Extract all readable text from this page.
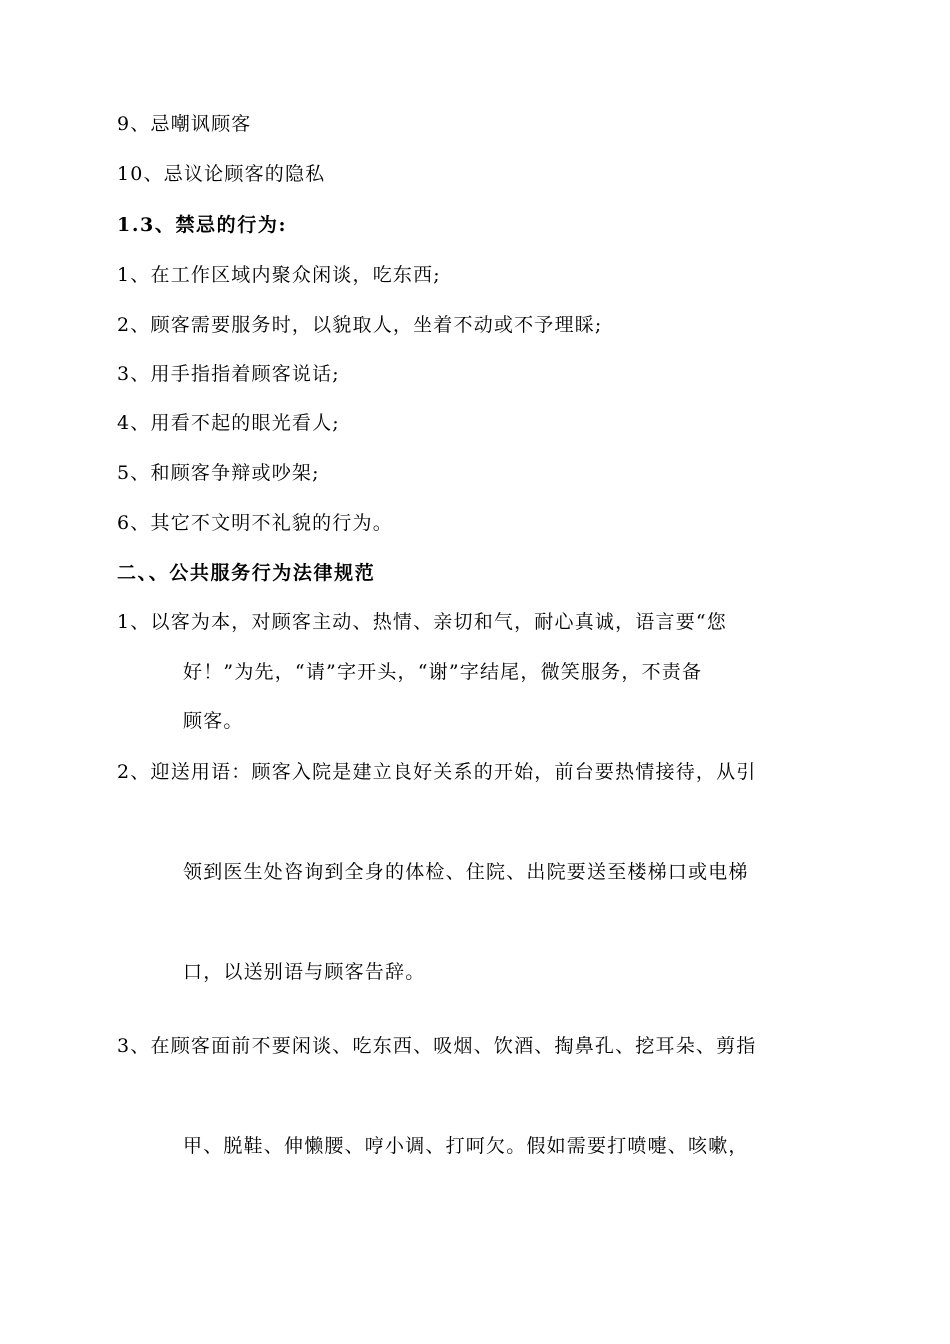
9、忌嘲讽顾客
10、忌议论顾客的隐私
1.3、禁忌的行为:
1、在工作区域内聚众闲谈，吃东西;
2、顾客需要服务时，以貌取人，坐着不动或不予理睬;
3、用手指指着顾客说话;
4、用看不起的眼光看人;
5、和顾客争辩或吵架;
6、其它不文明不礼貌的行为。
二、、公共服务行为法律规范
1、以客为本，对顾客主动、热情、亲切和气，耐心真诚，语言要“您
好！”为先，“请”字开头，“谢”字结尾，微笑服务，不责备
顾客。
2、迎送用语：顾客入院是建立良好关系的开始，前台要热情接待，从引
领到医生处咨询到全身的体检、住院、出院要送至楼梯口或电梯
口，以送别语与顾客告辞。
3、在顾客面前不要闲谈、吃东西、吸烟、饮酒、掏鼻孔、挖耳朵、剪指
甲、脱鞋、伸懒腰、哼小调、打呵欠。假如需要打喷嚏、咳嗽，
